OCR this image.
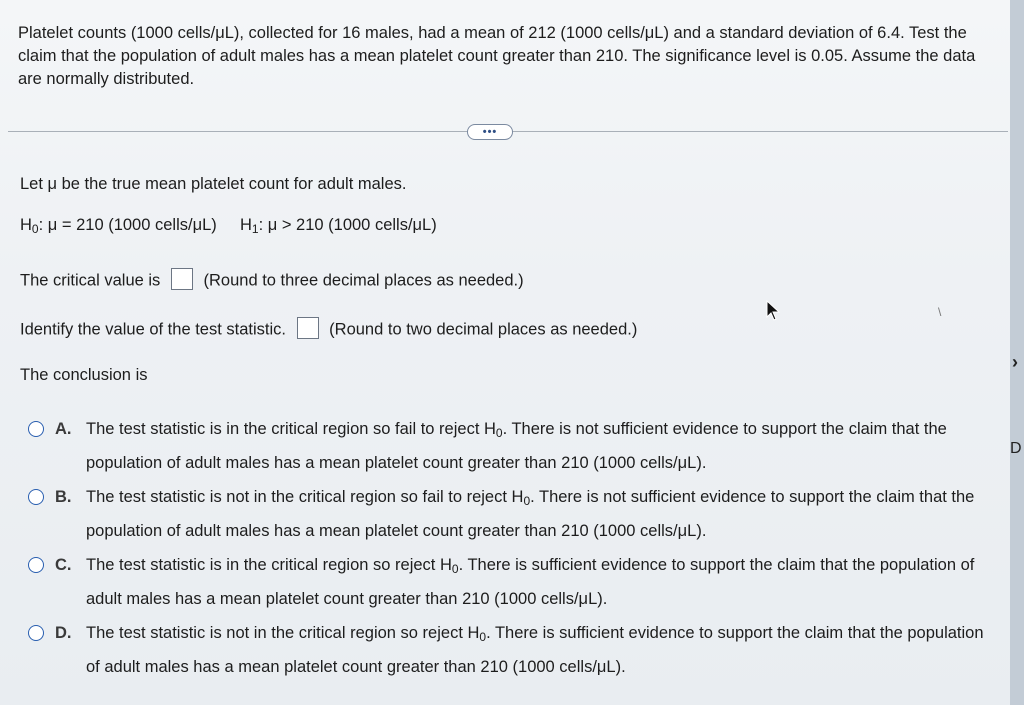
Platelet counts (1000 cells/μL), collected for 16 males, had a mean of 212 (1000 cells/μL) and a standard deviation of 6.4. Test the claim that the population of adult males has a mean platelet count greater than 210. The significance level is 0.05. Assume the data are normally distributed.
•••
Let μ be the true mean platelet count for adult males.
$H_0$: μ = 210 (1000 cells/μL) $H_1$: μ > 210 (1000 cells/μL)
The critical value is	(Round to three decimal places as needed.)
Identify the value of the test statistic.	(Round to two decimal places as needed.)
The conclusion is
A. The test statistic is in the critical region so fail to reject $H_0$. There is not sufficient evidence to support the claim that the population of adult males has a mean platelet count greater than 210 (1000 cells/μL).
B. The test statistic is not in the critical region so fail to reject $H_0$. There is not sufficient evidence to support the claim that the population of adult males has a mean platelet count greater than 210 (1000 cells/μL).
C. The test statistic is in the critical region so reject $H_0$. There is sufficient evidence to support the claim that the population of adult males has a mean platelet count greater than 210 (1000 cells/μL).
D. The test statistic is not in the critical region so reject $H_0$. There is sufficient evidence to support the claim that the population of adult males has a mean platelet count greater than 210 (1000 cells/μL).
\
›
D
